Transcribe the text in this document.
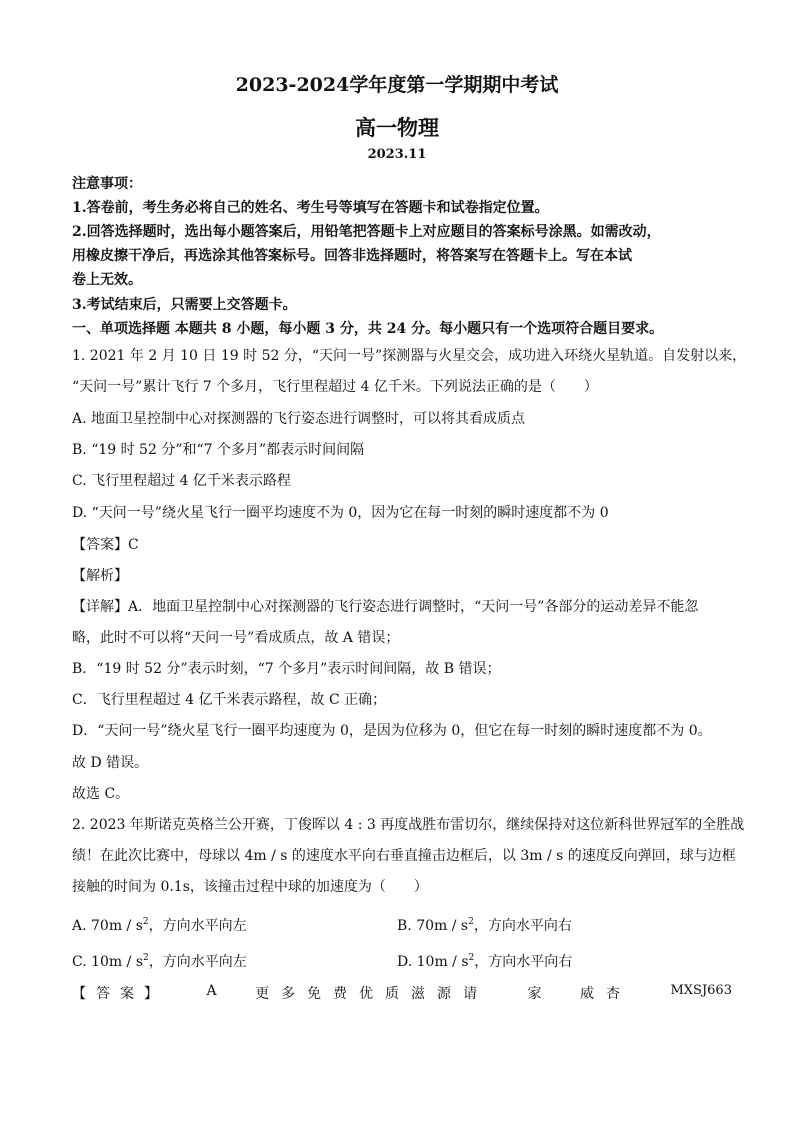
2023-2024学年度第一学期期中考试
高一物理
2023.11
注意事项：
1.答卷前，考生务必将自己的姓名、考生号等填写在答题卡和试卷指定位置。
2.回答选择题时，选出每小题答案后，用铅笔把答题卡上对应题目的答案标号涂黑。如需改动，
用橡皮擦干净后，再选涂其他答案标号。回答非选择题时，将答案写在答题卡上。写在本试
卷上无效。
3.考试结束后，只需要上交答题卡。
一、单项选择题 本题共 8 小题，每小题 3 分，共 24 分。每小题只有一个选项符合题目要求。
1. 2021 年 2 月 10 日 19 时 52 分，“天问一号”探测器与火星交会，成功进入环绕火星轨道。自发射以来，
“天问一号”累计飞行 7 个多月，飞行里程超过 4 亿千米。下列说法正确的是（　　）
A. 地面卫星控制中心对探测器的飞行姿态进行调整时，可以将其看成质点
B. “19 时 52 分”和“7 个多月”都表示时间间隔
C. 飞行里程超过 4 亿千米表示路程
D. “天问一号”绕火星飞行一圈平均速度不为 0，因为它在每一时刻的瞬时速度都不为 0
【答案】C
【解析】
【详解】A．地面卫星控制中心对探测器的飞行姿态进行调整时，“天问一号”各部分的运动差异不能忽
略，此时不可以将“天问一号”看成质点，故 A 错误；
B．“19 时 52 分”表示时刻，“7 个多月”表示时间间隔，故 B 错误；
C．飞行里程超过 4 亿千米表示路程，故 C 正确；
D．“天问一号”绕火星飞行一圈平均速度为 0，是因为位移为 0，但它在每一时刻的瞬时速度都不为 0。
故 D 错误。
故选 C。
2. 2023 年斯诺克英格兰公开赛，丁俊晖以 4 : 3 再度战胜布雷切尔，继续保持对这位新科世界冠军的全胜战
绩！在此次比赛中，母球以 4m / s 的速度水平向右垂直撞击边框后，以 3m / s 的速度反向弹回，球与边框
接触的时间为 0.1s，该撞击过程中球的加速度为（　　）
A. $70m / s^2$，方向水平向左	B. $70m / s^2$，方向水平向右
C. $10m / s^2$，方向水平向左	D. $10m / s^2$，方向水平向右
【答案】	A	更多免费优质滋源请	家	威杏	MXSJ663
